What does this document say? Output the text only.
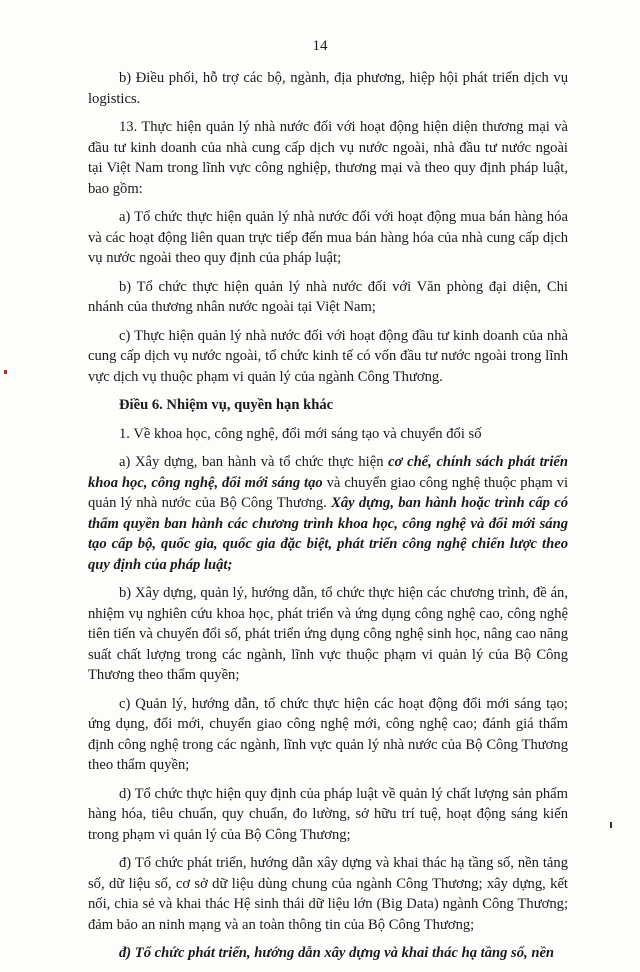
14

b) Điều phối, hỗ trợ các bộ, ngành, địa phương, hiệp hội phát triển dịch vụ logistics.

13. Thực hiện quản lý nhà nước đối với hoạt động hiện diện thương mại và đầu tư kinh doanh của nhà cung cấp dịch vụ nước ngoài, nhà đầu tư nước ngoài tại Việt Nam trong lĩnh vực công nghiệp, thương mại và theo quy định pháp luật, bao gồm:

a) Tổ chức thực hiện quản lý nhà nước đối với hoạt động mua bán hàng hóa và các hoạt động liên quan trực tiếp đến mua bán hàng hóa của nhà cung cấp dịch vụ nước ngoài theo quy định của pháp luật;

b) Tổ chức thực hiện quản lý nhà nước đối với Văn phòng đại diện, Chi nhánh của thương nhân nước ngoài tại Việt Nam;

c) Thực hiện quản lý nhà nước đối với hoạt động đầu tư kinh doanh của nhà cung cấp dịch vụ nước ngoài, tổ chức kinh tế có vốn đầu tư nước ngoài trong lĩnh vực dịch vụ thuộc phạm vi quản lý của ngành Công Thương.

Điều 6. Nhiệm vụ, quyền hạn khác

1. Về khoa học, công nghệ, đổi mới sáng tạo và chuyển đổi số

a) Xây dựng, ban hành và tổ chức thực hiện cơ chế, chính sách phát triển khoa học, công nghệ, đổi mới sáng tạo và chuyển giao công nghệ thuộc phạm vi quản lý nhà nước của Bộ Công Thương. Xây dựng, ban hành hoặc trình cấp có thẩm quyền ban hành các chương trình khoa học, công nghệ và đổi mới sáng tạo cấp bộ, quốc gia, quốc gia đặc biệt, phát triển công nghệ chiến lược theo quy định của pháp luật;

b) Xây dựng, quản lý, hướng dẫn, tổ chức thực hiện các chương trình, đề án, nhiệm vụ nghiên cứu khoa học, phát triển và ứng dụng công nghệ cao, công nghệ tiên tiến và chuyển đổi số, phát triển ứng dụng công nghệ sinh học, nâng cao năng suất chất lượng trong các ngành, lĩnh vực thuộc phạm vi quản lý của Bộ Công Thương theo thẩm quyền;

c) Quản lý, hướng dẫn, tổ chức thực hiện các hoạt động đổi mới sáng tạo; ứng dụng, đổi mới, chuyển giao công nghệ mới, công nghệ cao; đánh giá thẩm định công nghệ trong các ngành, lĩnh vực quản lý nhà nước của Bộ Công Thương theo thẩm quyền;

d) Tổ chức thực hiện quy định của pháp luật về quản lý chất lượng sản phẩm hàng hóa, tiêu chuẩn, quy chuẩn, đo lường, sở hữu trí tuệ, hoạt động sáng kiến trong phạm vi quản lý của Bộ Công Thương;

đ) Tổ chức phát triển, hướng dẫn xây dựng và khai thác hạ tầng số, nền tảng số, dữ liệu số, cơ sở dữ liệu dùng chung của ngành Công Thương; xây dựng, kết nối, chia sẻ và khai thác Hệ sinh thái dữ liệu lớn (Big Data) ngành Công Thương; đảm bảo an ninh mạng và an toàn thông tin của Bộ Công Thương;

đ) Tổ chức phát triển, hướng dẫn xây dựng và khai thác hạ tầng số, nền
